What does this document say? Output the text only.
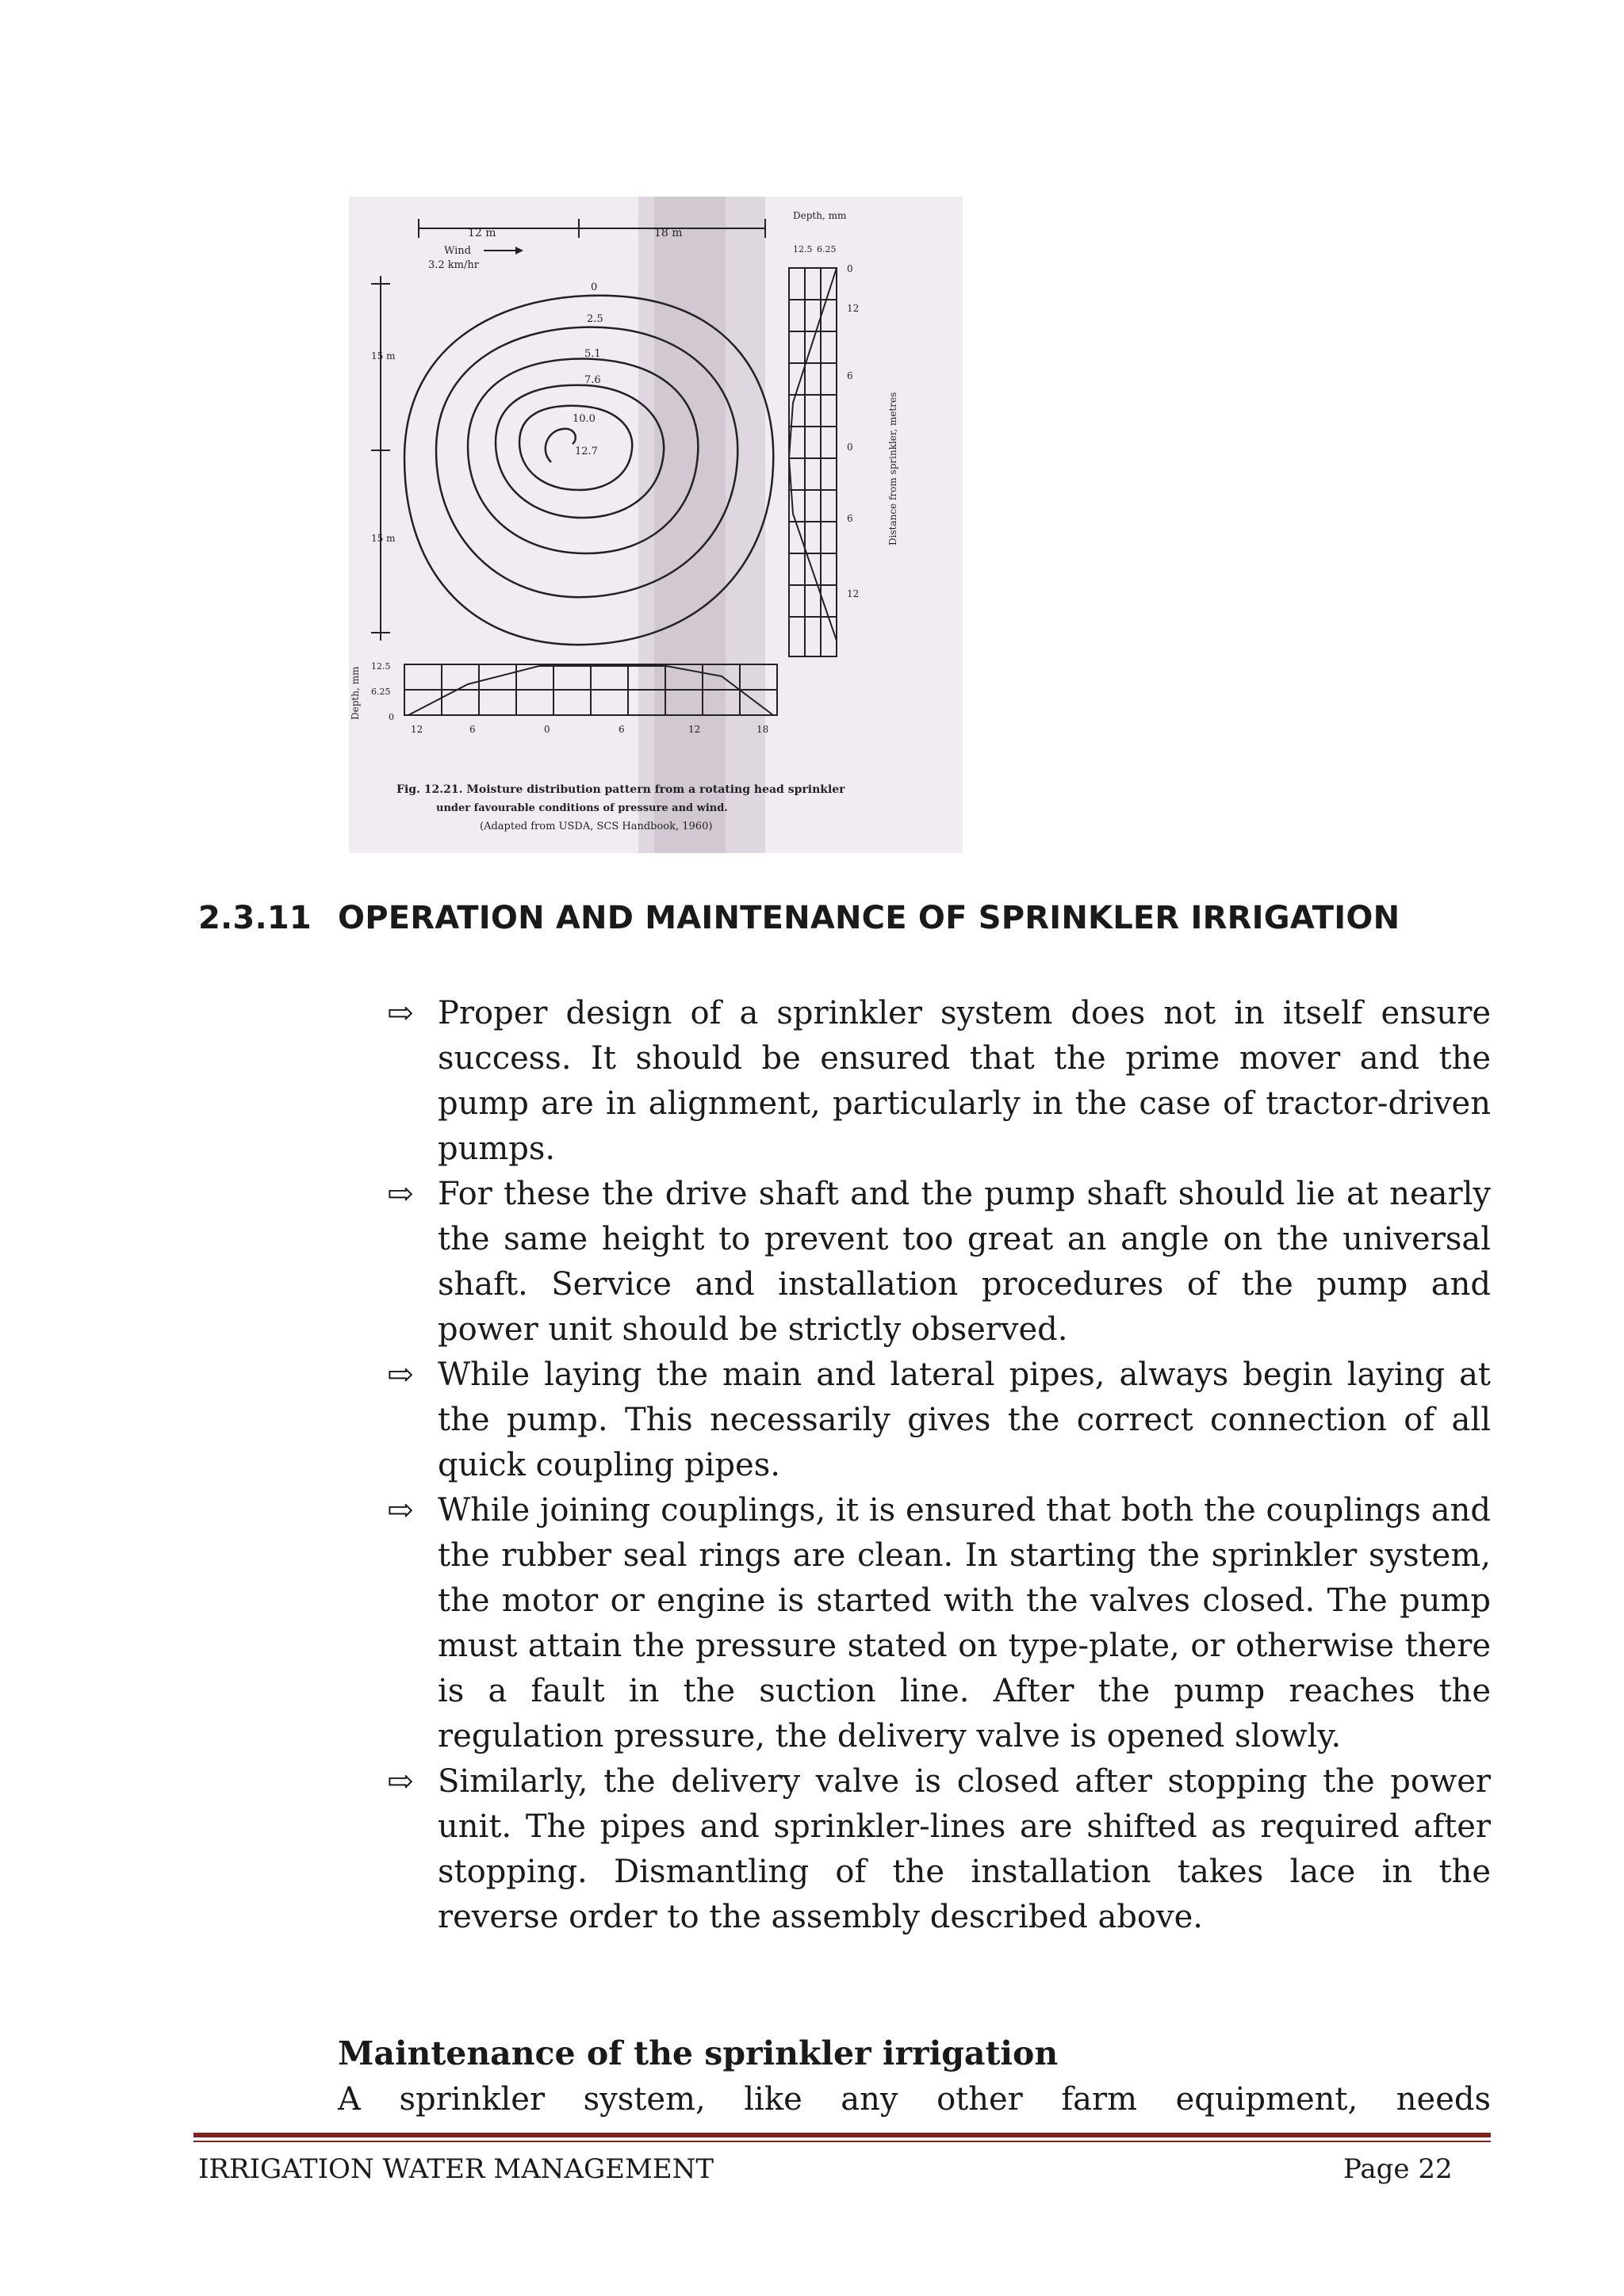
12 m	18 m
Wind
3.2 km/hr
15 m
15 m
0
2.5
5.1
7.6
10.0
12.7
Depth, mm
12.5 6.25
0
12
6
0
6
12
Distance from sprinkler, metres
Depth, mm
12.5
6.25
0
12	6	0	6	12	18
Fig. 12.21. Moisture distribution pattern from a rotating head sprinkler
under favourable conditions of pressure and wind.
(Adapted from USDA, SCS Handbook, 1960)
2.3.11 OPERATION AND MAINTENANCE OF SPRINKLER IRRIGATION
⇨ Proper design of a sprinkler system does not in itself ensure success. It should be ensured that the prime mover and the pump are in alignment, particularly in the case of tractor-driven pumps.
⇨ For these the drive shaft and the pump shaft should lie at nearly the same height to prevent too great an angle on the universal shaft. Service and installation procedures of the pump and power unit should be strictly observed.
⇨ While laying the main and lateral pipes, always begin laying at the pump. This necessarily gives the correct connection of all quick coupling pipes.
⇨ While joining couplings, it is ensured that both the couplings and the rubber seal rings are clean. In starting the sprinkler system, the motor or engine is started with the valves closed. The pump must attain the pressure stated on type-plate, or otherwise there is a fault in the suction line. After the pump reaches the regulation pressure, the delivery valve is opened slowly.
⇨ Similarly, the delivery valve is closed after stopping the power unit. The pipes and sprinkler-lines are shifted as required after stopping. Dismantling of the installation takes lace in the reverse order to the assembly described above.
Maintenance of the sprinkler irrigation
A sprinkler system, like any other farm equipment, needs
IRRIGATION WATER MANAGEMENT	Page 22
